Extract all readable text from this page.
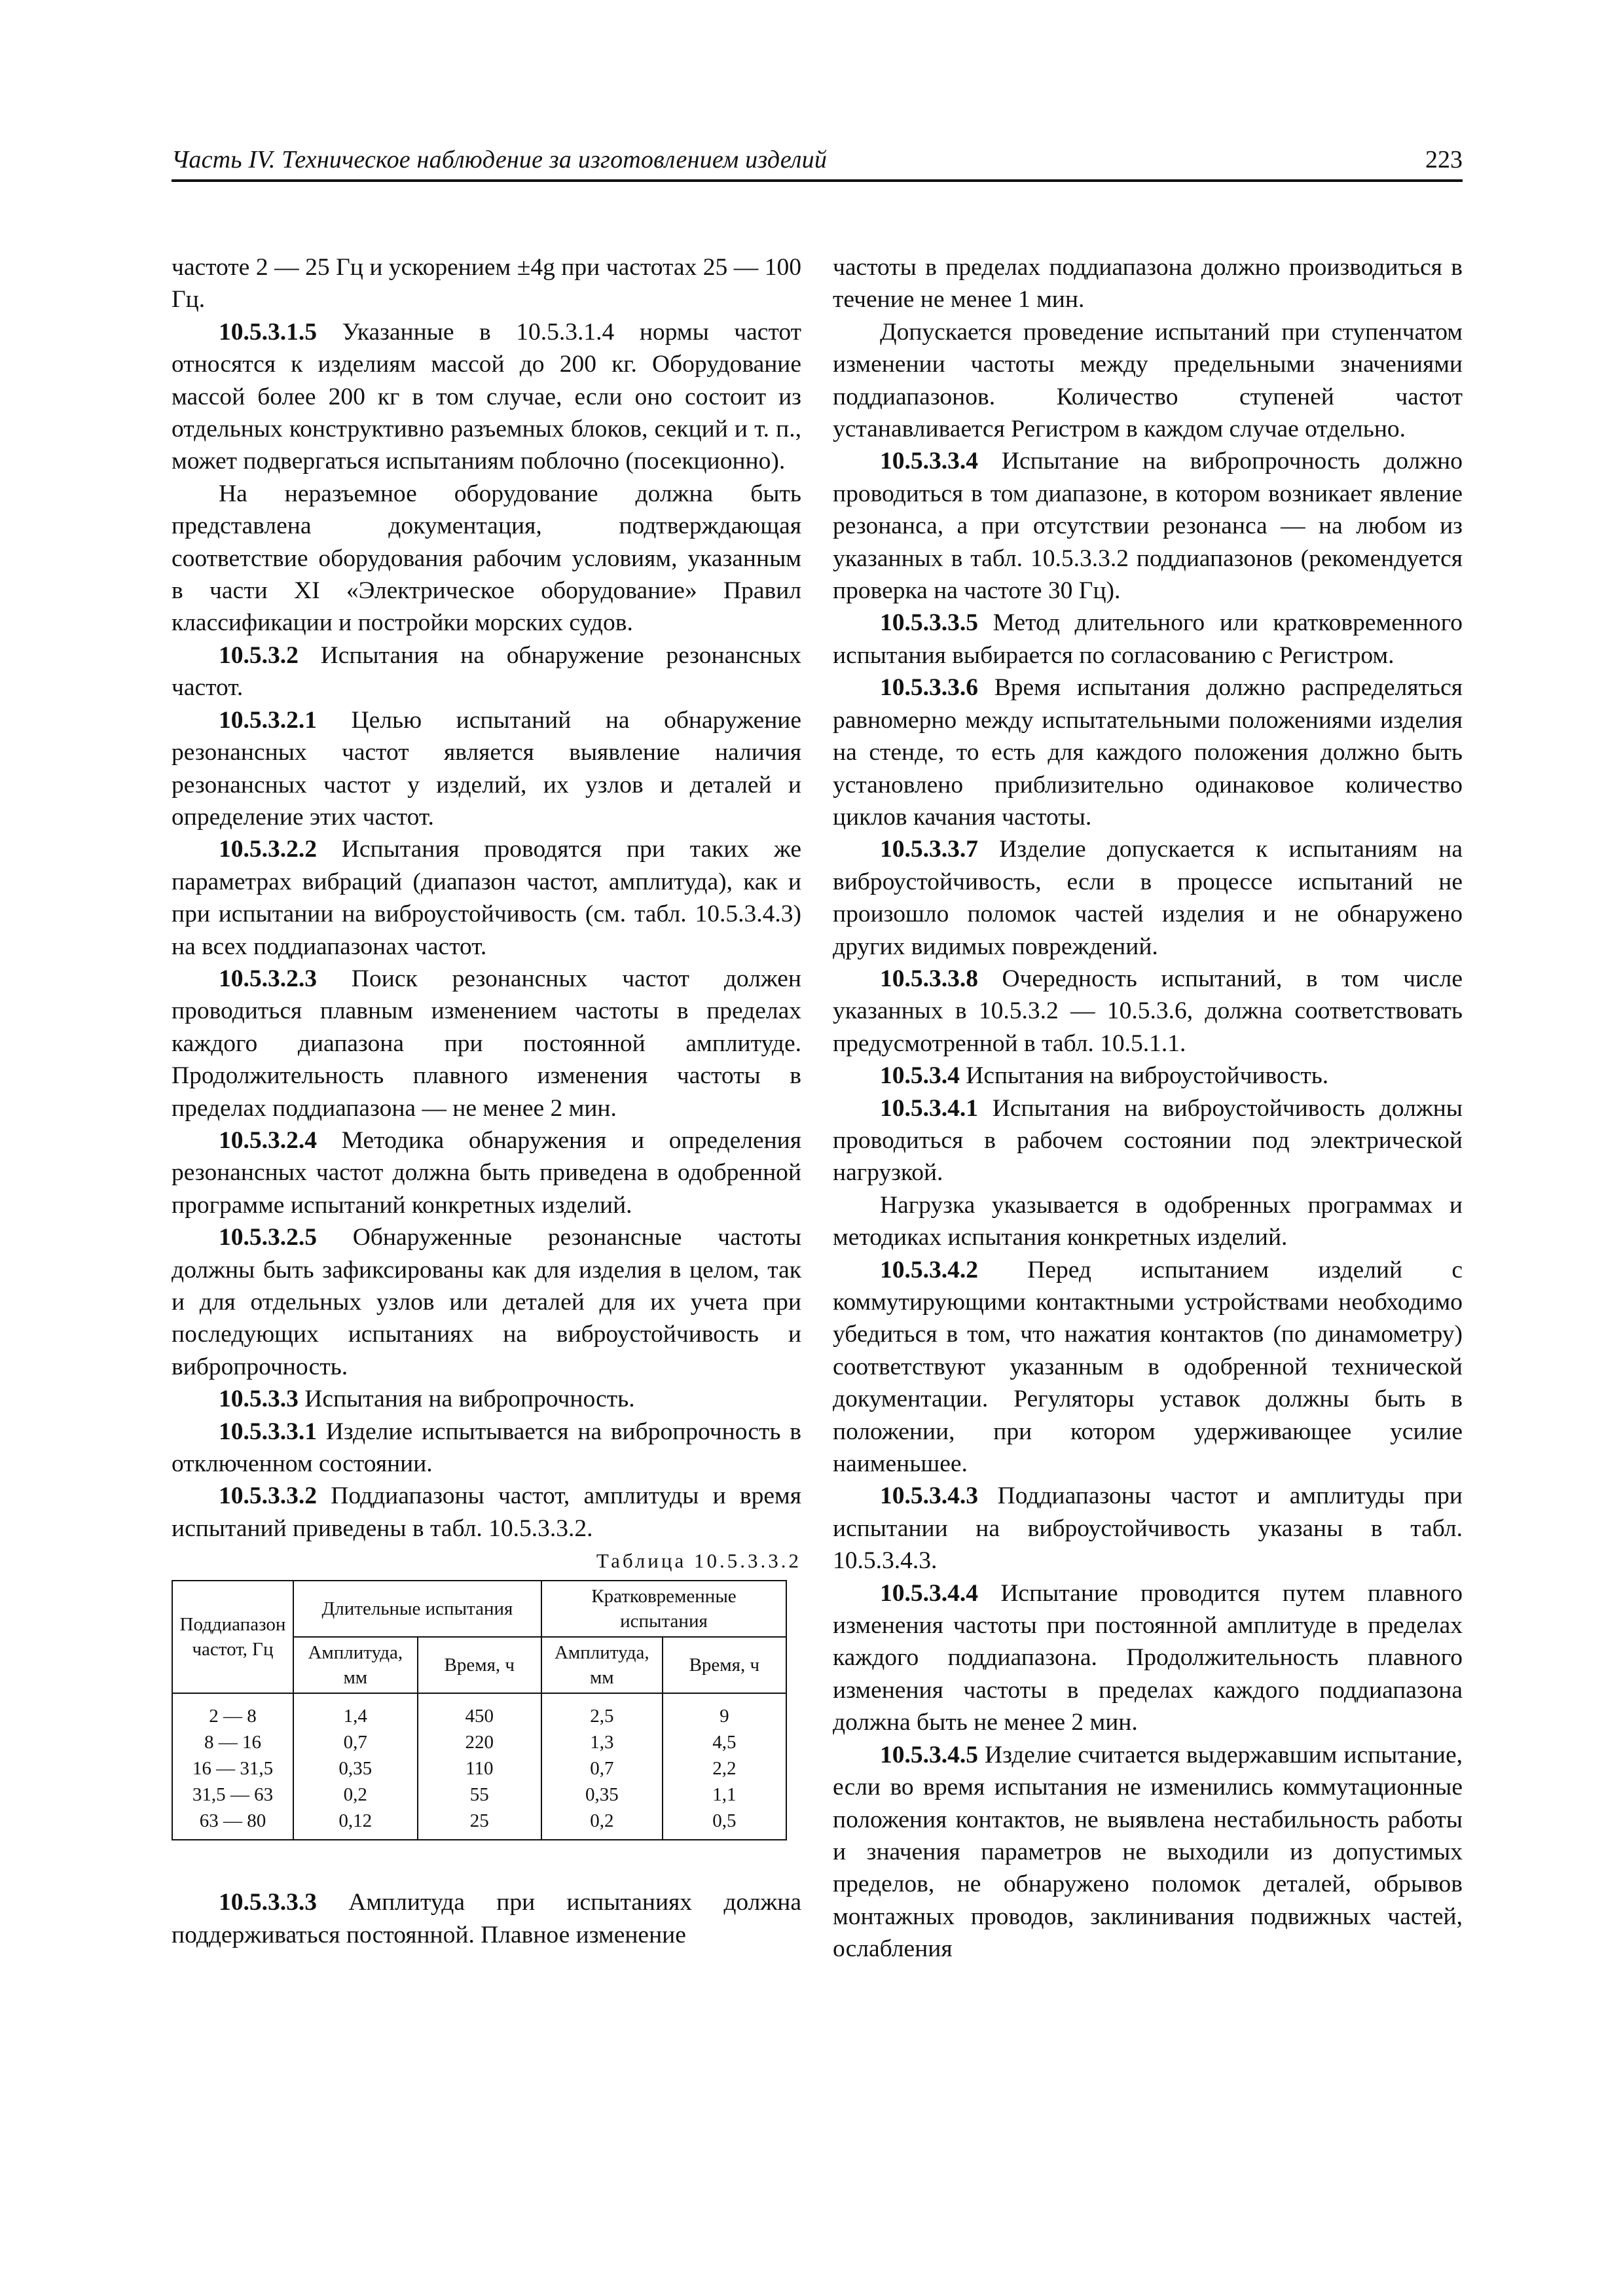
Часть IV. Техническое наблюдение за изготовлением изделий	223

частоте 2 — 25 Гц и ускорением ±4g при частотах 25 — 100 Гц.

10.5.3.1.5 Указанные в 10.5.3.1.4 нормы частот относятся к изделиям массой до 200 кг. Оборудование массой более 200 кг в том случае, если оно состоит из отдельных конструктивно разъемных блоков, секций и т. п., может подвергаться испытаниям поблочно (посекционно).

На неразъемное оборудование должна быть представлена документация, подтверждающая соответствие оборудования рабочим условиям, указанным в части XI «Электрическое оборудование» Правил классификации и постройки морских судов.

10.5.3.2 Испытания на обнаружение резонансных частот.

10.5.3.2.1 Целью испытаний на обнаружение резонансных частот является выявление наличия резонансных частот у изделий, их узлов и деталей и определение этих частот.

10.5.3.2.2 Испытания проводятся при таких же параметрах вибраций (диапазон частот, амплитуда), как и при испытании на виброустойчивость (см. табл. 10.5.3.4.3) на всех поддиапазонах частот.

10.5.3.2.3 Поиск резонансных частот должен проводиться плавным изменением частоты в пределах каждого диапазона при постоянной амплитуде. Продолжительность плавного изменения частоты в пределах поддиапазона — не менее 2 мин.

10.5.3.2.4 Методика обнаружения и определения резонансных частот должна быть приведена в одобренной программе испытаний конкретных изделий.

10.5.3.2.5 Обнаруженные резонансные частоты должны быть зафиксированы как для изделия в целом, так и для отдельных узлов или деталей для их учета при последующих испытаниях на виброустойчивость и вибропрочность.

10.5.3.3 Испытания на вибропрочность.

10.5.3.3.1 Изделие испытывается на вибропрочность в отключенном состоянии.

10.5.3.3.2 Поддиапазоны частот, амплитуды и время испытаний приведены в табл. 10.5.3.3.2.

Таблица 10.5.3.3.2
Поддиапазон частот, Гц	Длительные испытания		Кратковременные испытания	
	Амплитуда, мм	Время, ч	Амплитуда, мм	Время, ч
2 — 8	1,4	450	2,5	9
8 — 16	0,7	220	1,3	4,5
16 — 31,5	0,35	110	0,7	2,2
31,5 — 63	0,2	55	0,35	1,1
63 — 80	0,12	25	0,2	0,5

10.5.3.3.3 Амплитуда при испытаниях должна поддерживаться постоянной. Плавное изменение

частоты в пределах поддиапазона должно производиться в течение не менее 1 мин.

Допускается проведение испытаний при ступенчатом изменении частоты между предельными значениями поддиапазонов. Количество ступеней частот устанавливается Регистром в каждом случае отдельно.

10.5.3.3.4 Испытание на вибропрочность должно проводиться в том диапазоне, в котором возникает явление резонанса, а при отсутствии резонанса — на любом из указанных в табл. 10.5.3.3.2 поддиапазонов (рекомендуется проверка на частоте 30 Гц).

10.5.3.3.5 Метод длительного или кратковременного испытания выбирается по согласованию с Регистром.

10.5.3.3.6 Время испытания должно распределяться равномерно между испытательными положениями изделия на стенде, то есть для каждого положения должно быть установлено приблизительно одинаковое количество циклов качания частоты.

10.5.3.3.7 Изделие допускается к испытаниям на виброустойчивость, если в процессе испытаний не произошло поломок частей изделия и не обнаружено других видимых повреждений.

10.5.3.3.8 Очередность испытаний, в том числе указанных в 10.5.3.2 — 10.5.3.6, должна соответствовать предусмотренной в табл. 10.5.1.1.

10.5.3.4 Испытания на виброустойчивость.

10.5.3.4.1 Испытания на виброустойчивость должны проводиться в рабочем состоянии под электрической нагрузкой.

Нагрузка указывается в одобренных программах и методиках испытания конкретных изделий.

10.5.3.4.2 Перед испытанием изделий с коммутирующими контактными устройствами необходимо убедиться в том, что нажатия контактов (по динамометру) соответствуют указанным в одобренной технической документации. Регуляторы уставок должны быть в положении, при котором удерживающее усилие наименьшее.

10.5.3.4.3 Поддиапазоны частот и амплитуды при испытании на виброустойчивость указаны в табл. 10.5.3.4.3.

10.5.3.4.4 Испытание проводится путем плавного изменения частоты при постоянной амплитуде в пределах каждого поддиапазона. Продолжительность плавного изменения частоты в пределах каждого поддиапазона должна быть не менее 2 мин.

10.5.3.4.5 Изделие считается выдержавшим испытание, если во время испытания не изменились коммутационные положения контактов, не выявлена нестабильность работы и значения параметров не выходили из допустимых пределов, не обнаружено поломок деталей, обрывов монтажных проводов, заклинивания подвижных частей, ослабления
